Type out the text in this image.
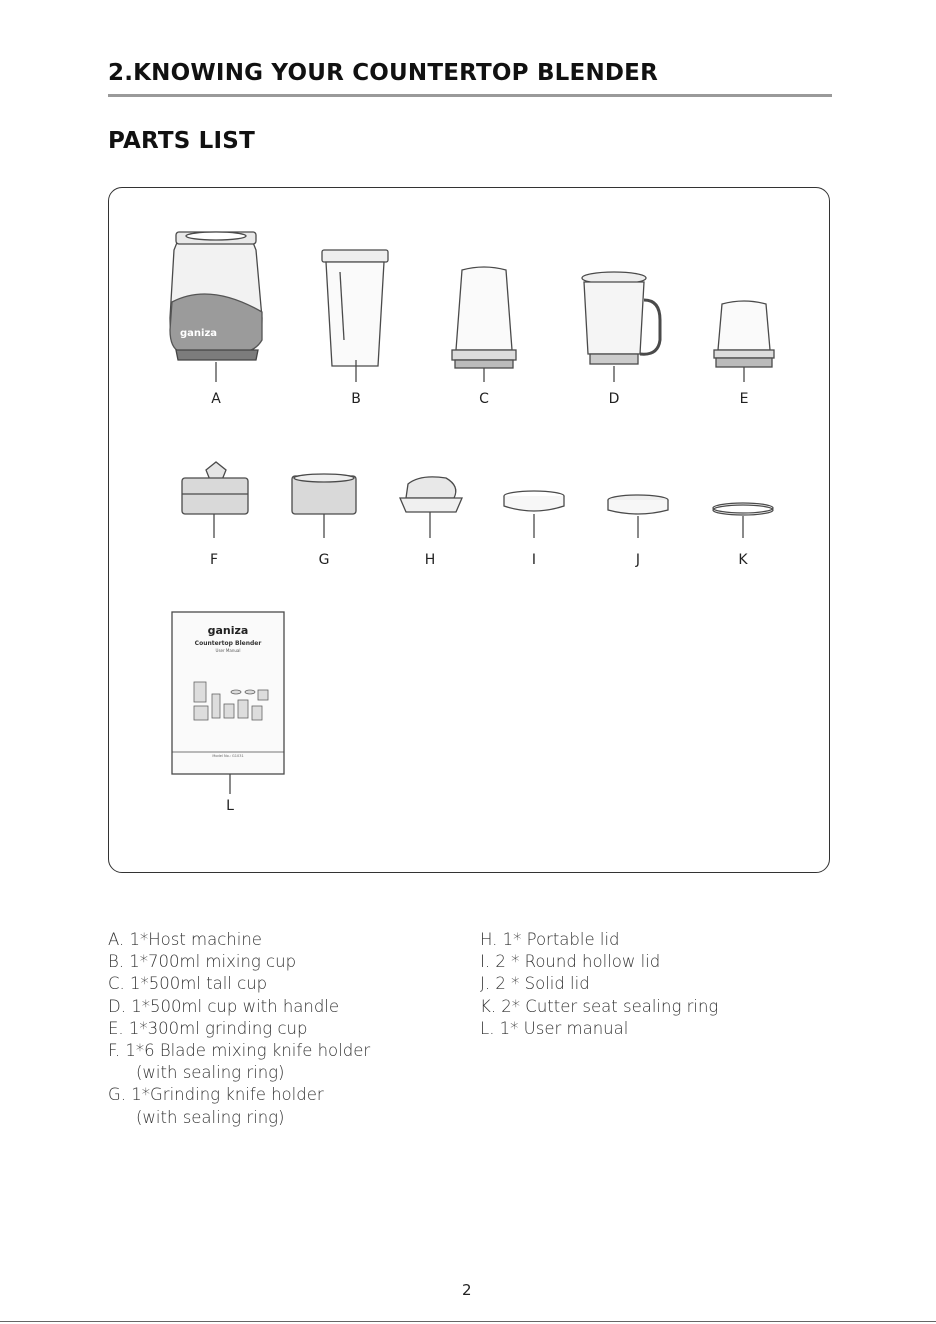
2.KNOWING YOUR COUNTERTOP BLENDER
PARTS LIST
ganiza
ganiza
Countertop Blender
User Manual
Model No.: G1031
A	B	C	D	E
F	G	H	I	J	K
L
A. 1*Host machine
B. 1*700ml mixing cup
C. 1*500ml tall cup
D. 1*500ml cup with handle
E. 1*300ml grinding cup
F. 1*6 Blade mixing knife holder
(with sealing ring)
G. 1*Grinding knife holder
(with sealing ring)
H. 1* Portable lid
I. 2 * Round hollow lid
J. 2 * Solid lid
K. 2* Cutter seat sealing ring
L. 1* User manual
2
